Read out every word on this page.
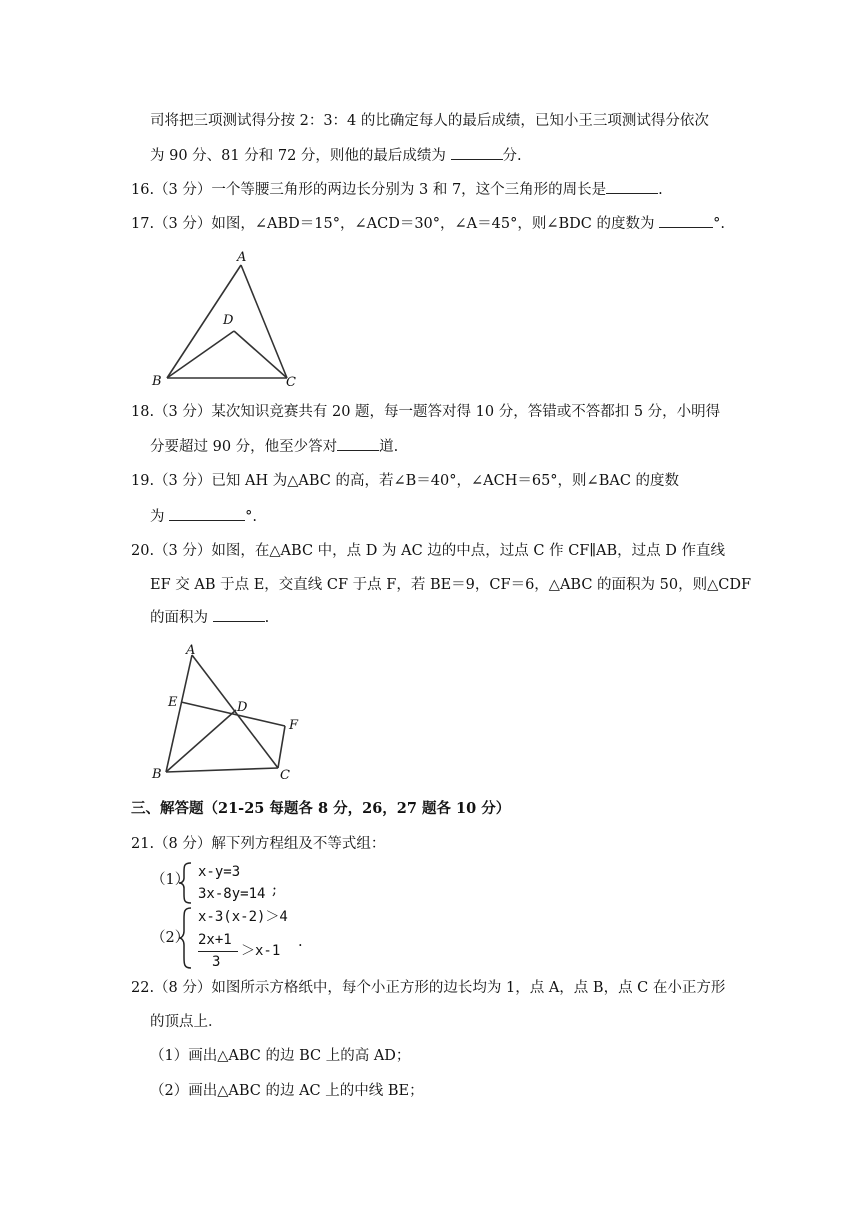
司将把三项测试得分按 2：3：4 的比确定每人的最后成绩，已知小王三项测试得分依次
为 90 分、81 分和 72 分，则他的最后成绩为	分.
16.（3 分）一个等腰三角形的两边长分别为 3 和 7，这个三角形的周长是	.
17.（3 分）如图，∠ABD＝15°，∠ACD＝30°，∠A＝45°，则∠BDC 的度数为	°.
A
B	C
D
18.（3 分）某次知识竞赛共有 20 题，每一题答对得 10 分，答错或不答都扣 5 分，小明得
分要超过 90 分，他至少答对	道.
19.（3 分）已知 AH 为△ABC 的高，若∠B＝40°，∠ACH＝65°，则∠BAC 的度数
为	°.
20.（3 分）如图，在△ABC 中，点 D 为 AC 边的中点，过点 C 作 CF∥AB，过点 D 作直线
EF 交 AB 于点 E，交直线 CF 于点 F，若 BE＝9，CF＝6，△ABC 的面积为 50，则△CDF
的面积为	.
A
B	C
D
E
F
三、解答题（21-25 每题各 8 分，26，27 题各 10 分）
21.（8 分）解下列方程组及不等式组：
（1） x-y=3
3x-8y=14 ;
（2）
x-3(x-2)＞4
2x+1
3
＞x-1
.
22.（8 分）如图所示方格纸中，每个小正方形的边长均为 1，点 A，点 B，点 C 在小正方形
的顶点上．
（1）画出△ABC 的边 BC 上的高 AD；
（2）画出△ABC 的边 AC 上的中线 BE；
